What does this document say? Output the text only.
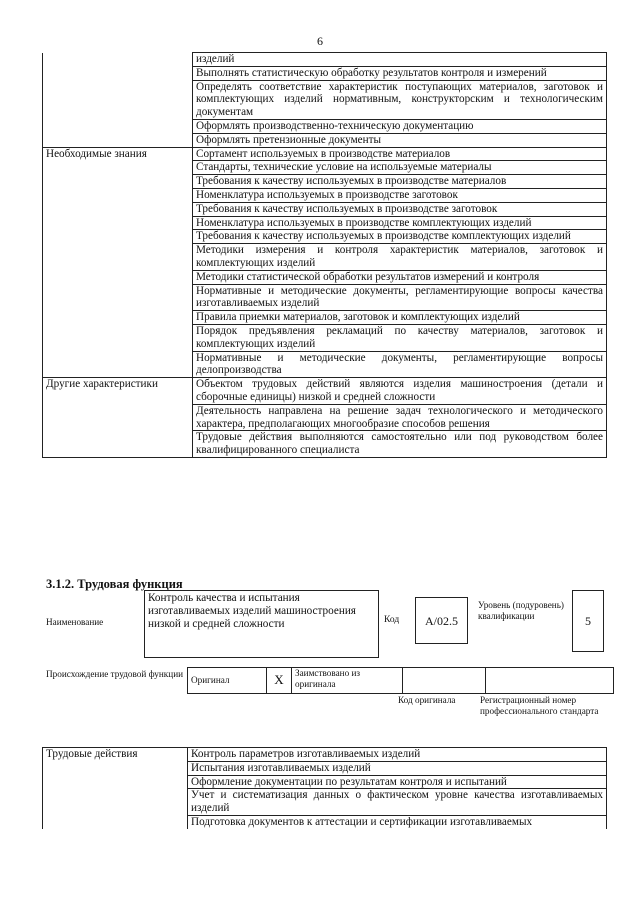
6
	изделий
	Выполнять статистическую обработку результатов контроля и измерений
	Определять соответствие характеристик поступающих материалов, заготовок и комплектующих изделий нормативным, конструкторским и технологическим документам
	Оформлять производственно-техническую документацию
	Оформлять претензионные документы
Необходимые знания	Сортамент используемых в производстве материалов
	Стандарты, технические условие на используемые материалы
	Требования к качеству используемых в производстве материалов
	Номенклатура используемых в производстве заготовок
	Требования к качеству используемых в производстве заготовок
	Номенклатура используемых в производстве комплектующих изделий
	Требования к качеству используемых в производстве комплектующих изделий
	Методики измерения и контроля характеристик материалов, заготовок и комплектующих изделий
	Методики статистической обработки результатов измерений и контроля
	Нормативные и методические документы, регламентирующие вопросы качества изготавливаемых изделий
	Правила приемки материалов, заготовок и комплектующих изделий
	Порядок предъявления рекламаций по качеству материалов, заготовок и комплектующих изделий
	Нормативные и методические документы, регламентирующие вопросы делопроизводства
Другие характеристики	Объектом трудовых действий являются изделия машиностроения (детали и сборочные единицы) низкой и средней сложности
	Деятельность направлена на решение задач технологического и методического характера, предполагающих многообразие способов решения
	Трудовые действия выполняются самостоятельно или под руководством более квалифицированного специалиста
3.1.2. Трудовая функция
Наименование
Контроль качества и испытания изготавливаемых изделий машиностроения низкой и средней сложности	Код	A/02.5
Уровень (подуровень) квалификации	5
Происхождение трудовой функции
Оригинал	X	Заимствовано из оригинала		
Код оригинала	Регистрационный номер профессионального стандарта
Трудовые действия	Контроль параметров изготавливаемых изделий
Испытания изготавливаемых изделий
Оформление документации по результатам контроля и испытаний
Учет и систематизация данных о фактическом уровне качества изготавливаемых изделий
Подготовка документов к аттестации и сертификации изготавливаемых
